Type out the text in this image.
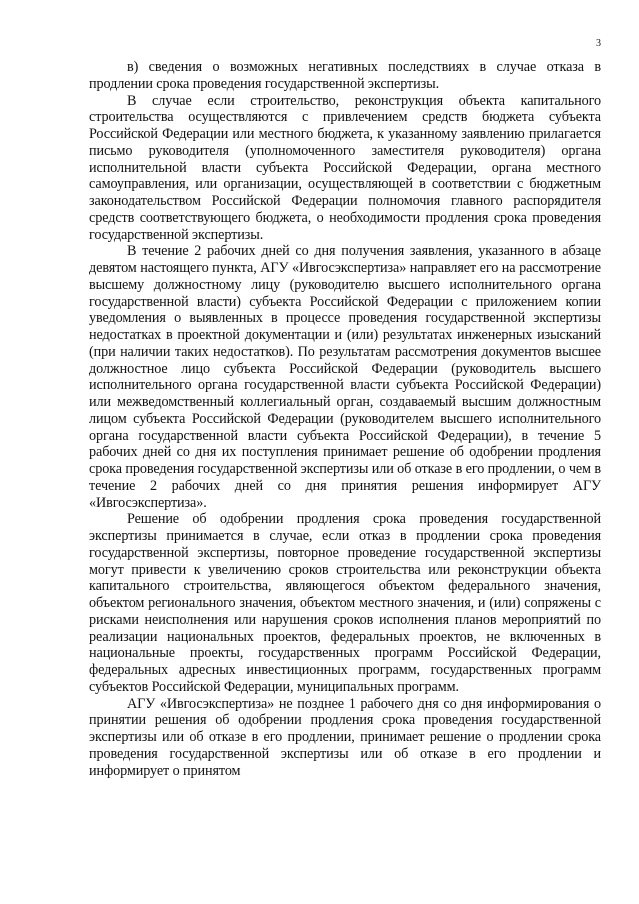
3

в) сведения о возможных негативных последствиях в случае отказа в продлении срока проведения государственной экспертизы.

В случае если строительство, реконструкция объекта капитального строительства осуществляются с привлечением средств бюджета субъекта Российской Федерации или местного бюджета, к указанному заявлению прилагается письмо руководителя (уполномоченного заместителя руководителя) органа исполнительной власти субъекта Российской Федерации, органа местного самоуправления, или организации, осуществляющей в соответствии с бюджетным законодательством Российской Федерации полномочия главного распорядителя средств соответствующего бюджета, о необходимости продления срока проведения государственной экспертизы.

В течение 2 рабочих дней со дня получения заявления, указанного в абзаце девятом настоящего пункта, АГУ «Ивгосэкспертиза» направляет его на рассмотрение высшему должностному лицу (руководителю высшего исполнительного органа государственной власти) субъекта Российской Федерации с приложением копии уведомления о выявленных в процессе проведения государственной экспертизы недостатках в проектной документации и (или) результатах инженерных изысканий (при наличии таких недостатков). По результатам рассмотрения документов высшее должностное лицо субъекта Российской Федерации (руководитель высшего исполнительного органа государственной власти субъекта Российской Федерации) или межведомственный коллегиальный орган, создаваемый высшим должностным лицом субъекта Российской Федерации (руководителем высшего исполнительного органа государственной власти субъекта Российской Федерации), в течение 5 рабочих дней со дня их поступления принимает решение об одобрении продления срока проведения государственной экспертизы или об отказе в его продлении, о чем в течение 2 рабочих дней со дня принятия решения информирует АГУ «Ивгосэкспертиза».

Решение об одобрении продления срока проведения государственной экспертизы принимается в случае, если отказ в продлении срока проведения государственной экспертизы, повторное проведение государственной экспертизы могут привести к увеличению сроков строительства или реконструкции объекта капитального строительства, являющегося объектом федерального значения, объектом регионального значения, объектом местного значения, и (или) сопряжены с рисками неисполнения или нарушения сроков исполнения планов мероприятий по реализации национальных проектов, федеральных проектов, не включенных в национальные проекты, государственных программ Российской Федерации, федеральных адресных инвестиционных программ, государственных программ субъектов Российской Федерации, муниципальных программ.

АГУ «Ивгосэкспертиза» не позднее 1 рабочего дня со дня информирования о принятии решения об одобрении продления срока проведения государственной экспертизы или об отказе в его продлении, принимает решение о продлении срока проведения государственной экспертизы или об отказе в его продлении и информирует о принятом
